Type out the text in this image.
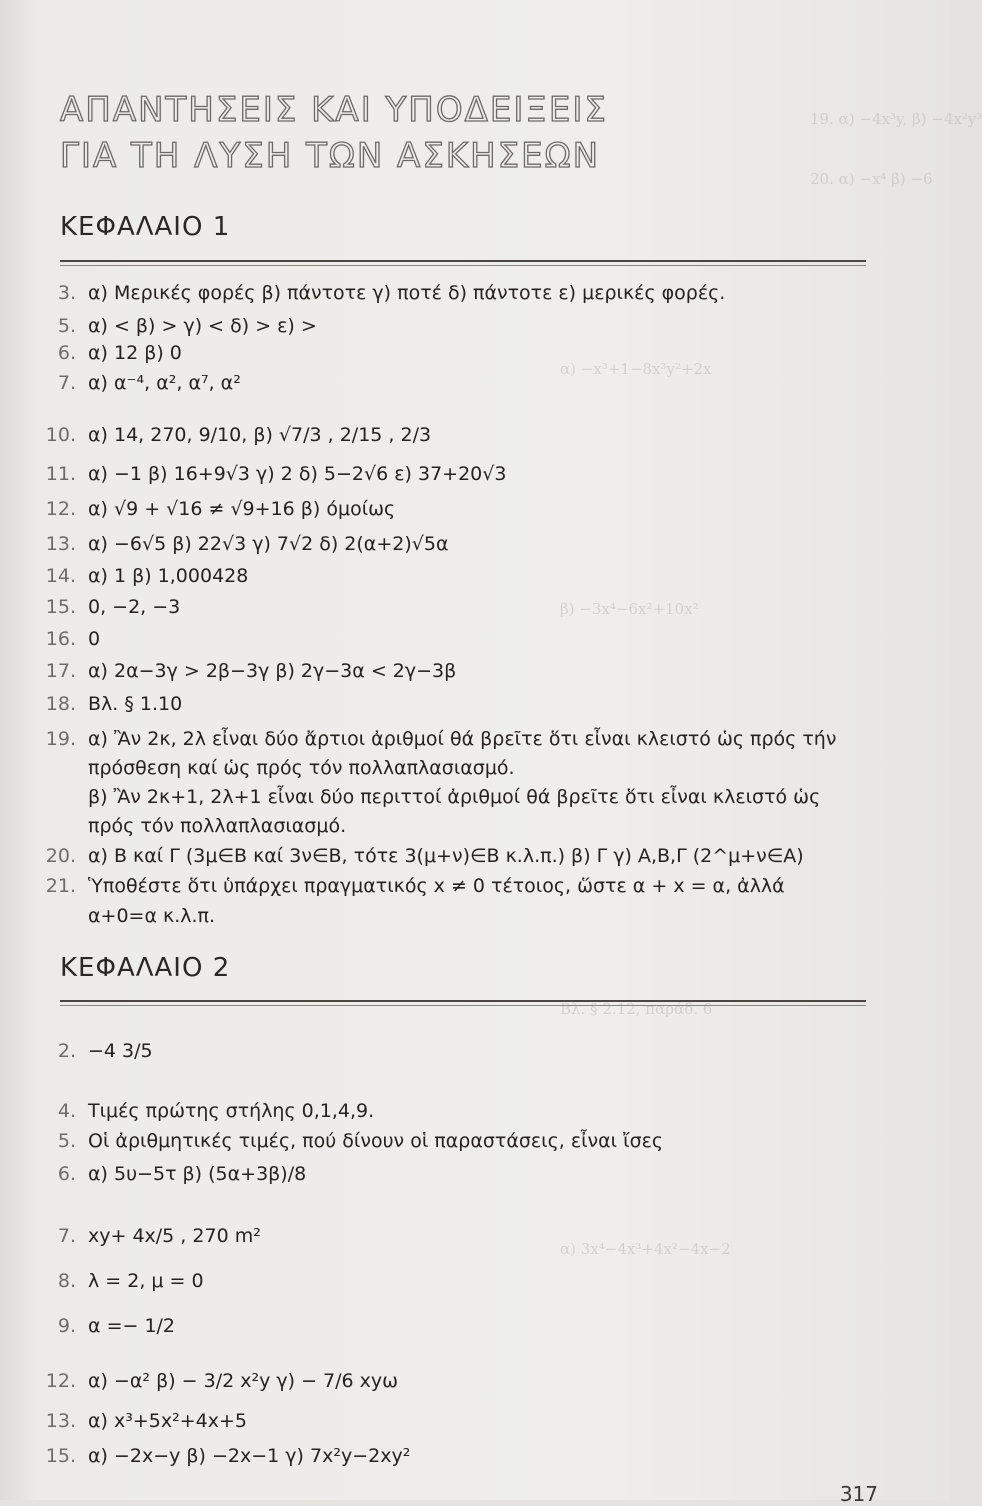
19. α) −4x³y, β) −4x²y²
20. α) −x⁴ β) −6
α) −x³+1−8x³y²+2x
β) −3x⁴−6x²+10x²
Βλ. § 2.12, παράδ. 6
α) 3x⁴−4x³+4x²−4x−2
ΑΠΑΝΤΗΣΕΙΣ ΚΑΙ ΥΠΟΔΕΙΞΕΙΣ
ΓΙΑ ΤΗ ΛΥΣΗ ΤΩΝ ΑΣΚΗΣΕΩΝ
ΚΕΦΑΛΑΙΟ 1
3. α) Μερικές φορές β) πάντοτε γ) ποτέ δ) πάντοτε ε) μερικές φορές.
5. α) < β) > γ) < δ) > ε) >
6. α) 12 β) 0
7. α) α⁻⁴, α², α⁷, α²
10. α) 14, 270, 9/10, β) √7/3 , 2/15 , 2/3
11. α) −1 β) 16+9√3 γ) 2 δ) 5−2√6 ε) 37+20√3
12. α) √9 + √16 ≠ √9+16 β) όμοίως
13. α) −6√5 β) 22√3 γ) 7√2 δ) 2(α+2)√5α
14. α) 1 β) 1,000428
15. 0, −2, −3
16. 0
17. α) 2α−3γ > 2β−3γ β) 2γ−3α < 2γ−3β
18. Βλ. § 1.10
19. α) Ἂν 2κ, 2λ εἶναι δύο ἄρτιοι ἀριθμοί θά βρεῖτε ὅτι εἶναι κλειστό ὡς πρός τήν
πρόσθεση καί ὡς πρός τόν πολλαπλασιασμό.
β) Ἂν 2κ+1, 2λ+1 εἶναι δύο περιττοί ἀριθμοί θά βρεῖτε ὅτι εἶναι κλειστό ὡς
πρός τόν πολλαπλασιασμό.
20. α) Β καί Γ (3μ∈Β καί 3ν∈Β, τότε 3(μ+ν)∈Β κ.λ.π.) β) Γ γ) Α,Β,Γ (2^μ+ν∈Α)
21. Ὑποθέστε ὅτι ὑπάρχει πραγματικός x ≠ 0 τέτοιος, ὥστε α + x = α, ἀλλά
α+0=α κ.λ.π.
ΚΕΦΑΛΑΙΟ 2
2. −4 3/5
4. Τιμές πρώτης στήλης 0,1,4,9.
5. Οἱ ἀριθμητικές τιμές, πού δίνουν οἱ παραστάσεις, εἶναι ἴσες
6. α) 5υ−5τ β) (5α+3β)/8
7. xy+ 4x/5 , 270 m²
8. λ = 2, μ = 0
9. α =− 1/2
12. α) −α² β) − 3/2 x²y γ) − 7/6 xyω
13. α) x³+5x²+4x+5
15. α) −2x−y β) −2x−1 γ) 7x²y−2xy²
317
